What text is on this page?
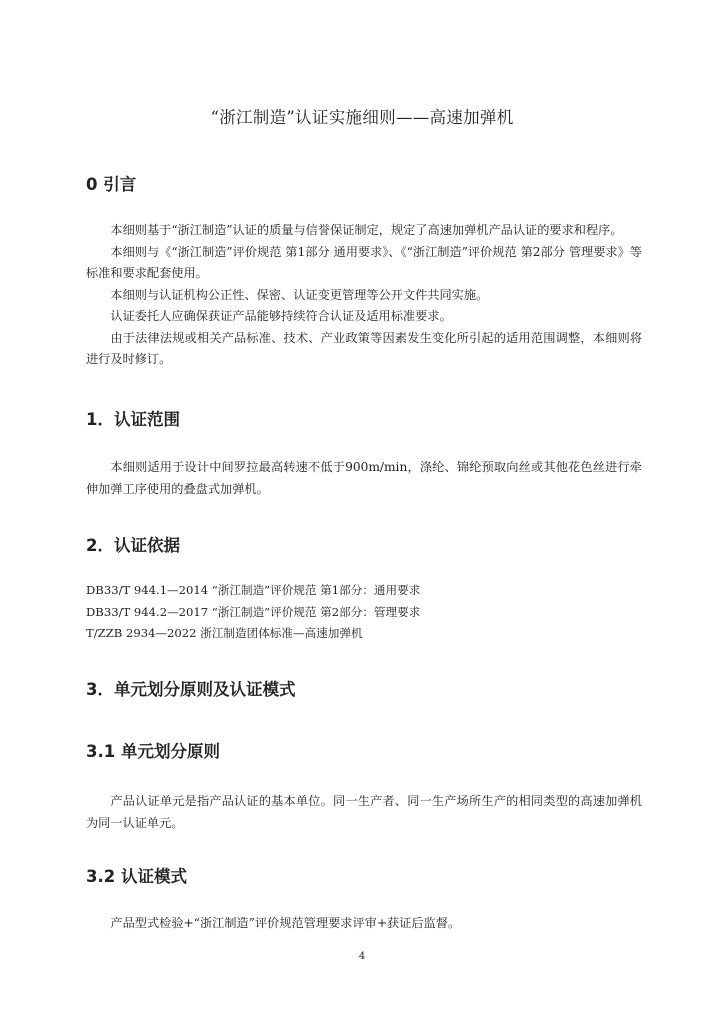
“浙江制造”认证实施细则——高速加弹机
0 引言

本细则基于“浙江制造”认证的质量与信誉保证制定，规定了高速加弹机产品认证的要求和程序。

本细则与《“浙江制造”评价规范 第1部分 通用要求》、《“浙江制造”评价规范 第2部分 管理要求》等标准和要求配套使用。

本细则与认证机构公正性、保密、认证变更管理等公开文件共同实施。

认证委托人应确保获证产品能够持续符合认证及适用标准要求。

由于法律法规或相关产品标准、技术、产业政策等因素发生变化所引起的适用范围调整，本细则将进行及时修订。

1．认证范围

本细则适用于设计中间罗拉最高转速不低于900m/min，涤纶、锦纶预取向丝或其他花色丝进行牵伸加弹工序使用的叠盘式加弹机。

2．认证依据
DB33/T 944.1—2014 “浙江制造”评价规范 第1部分：通用要求
DB33/T 944.2—2017 “浙江制造”评价规范 第2部分：管理要求
T/ZZB 2934—2022 浙江制造团体标准—高速加弹机
3．单元划分原则及认证模式
3.1 单元划分原则

产品认证单元是指产品认证的基本单位。同一生产者、同一生产场所生产的相同类型的高速加弹机为同一认证单元。

3.2 认证模式

产品型式检验+“浙江制造”评价规范管理要求评审+获证后监督。

4
